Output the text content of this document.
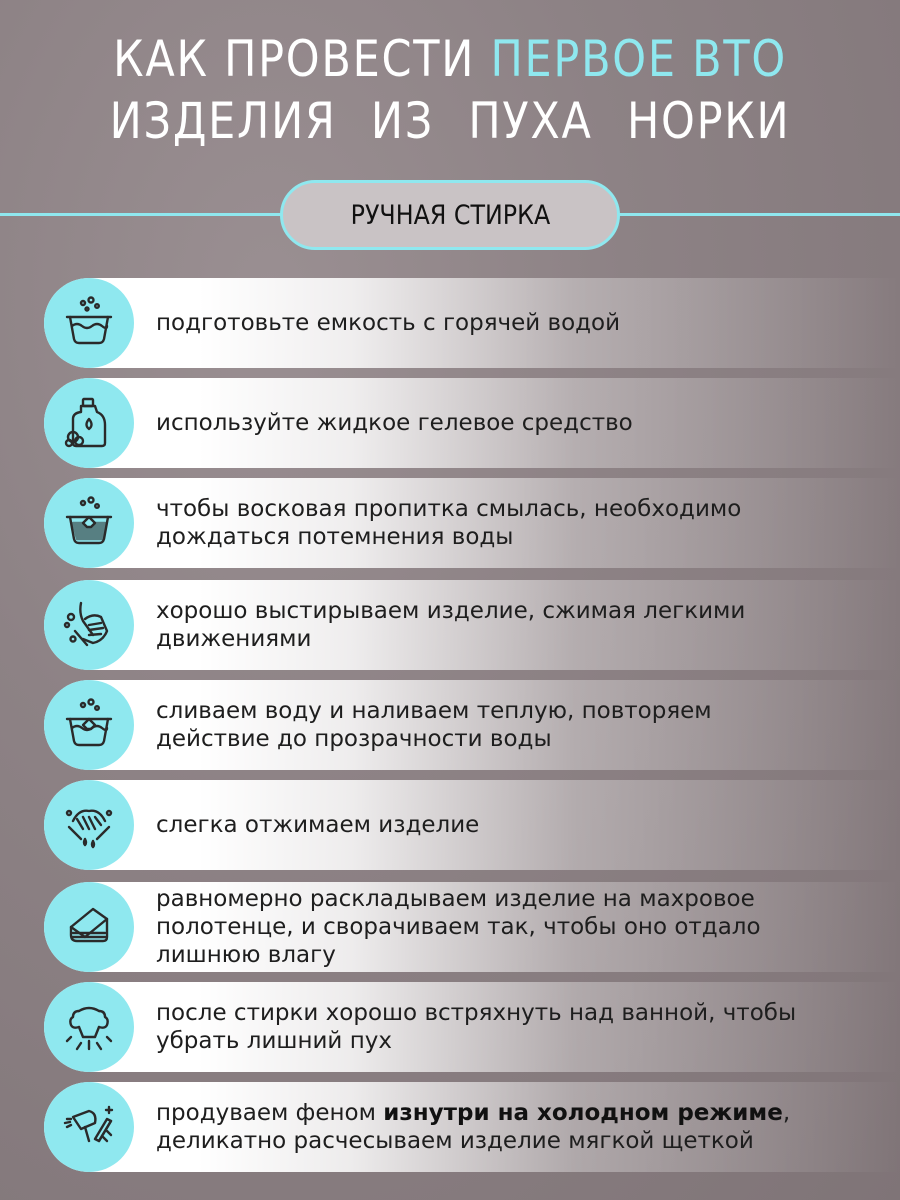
КАК ПРОВЕСТИ ПЕРВОЕ ВТО
ИЗДЕЛИЯ ИЗ ПУХА НОРКИ
РУЧНАЯ СТИРКА
подготовьте емкость с горячей водой
используйте жидкое гелевое средство
чтобы восковая пропитка смылась, необходимо дождаться потемнения воды
хорошо выстирываем изделие, сжимая легкими движениями
сливаем воду и наливаем теплую, повторяем действие до прозрачности воды
слегка отжимаем изделие
равномерно раскладываем изделие на махровое полотенце, и сворачиваем так, чтобы оно отдало лишнюю влагу
после стирки хорошо встряхнуть над ванной, чтобы убрать лишний пух
продуваем феном изнутри на холодном режиме, деликатно расчесываем изделие мягкой щеткой
